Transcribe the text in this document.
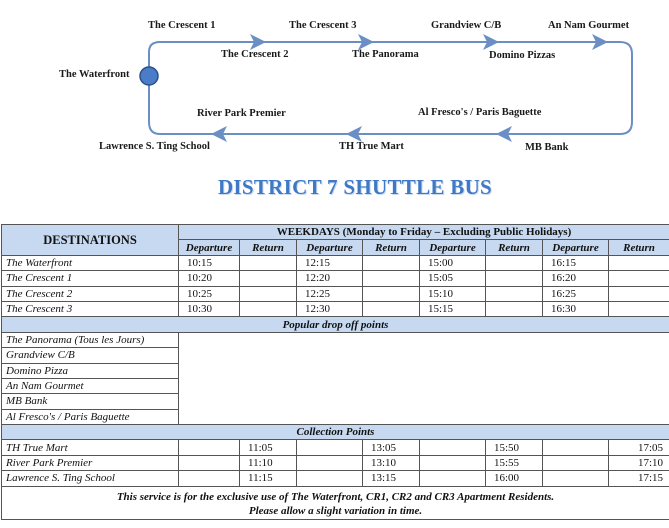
The Crescent 1	The Crescent 3	Grandview C/B	An Nam Gourmet
The Crescent 2	The Panorama	Domino Pizzas
The Waterfront
River Park Premier	Al Fresco's / Paris Baguette
Lawrence S. Ting School	TH True Mart	MB Bank
DISTRICT 7 SHUTTLE BUS
DESTINATIONS	WEEKDAYS (Monday to Friday – Excluding Public Holidays)							
	Departure	Return	Departure	Return	Departure	Return	Departure	Return
The Waterfront	10:15		12:15		15:00		16:15	
The Crescent 1	10:20		12:20		15:05		16:20	
The Crescent 2	10:25		12:25		15:10		16:25	
The Crescent 3	10:30		12:30		15:15		16:30	
Popular drop off points								
The Panorama (Tous les Jours)								
Grandview C/B								
Domino Pizza								
An Nam Gourmet								
MB Bank								
Al Fresco's / Paris Baguette								
Collection Points								
TH True Mart		11:05		13:05		15:50		17:05
River Park Premier		11:10		13:10		15:55		17:10
Lawrence S. Ting School		11:15		13:15		16:00		17:15
This service is for the exclusive use of The Waterfront, CR1, CR2 and CR3 Apartment Residents.
Please allow a slight variation in time.								
